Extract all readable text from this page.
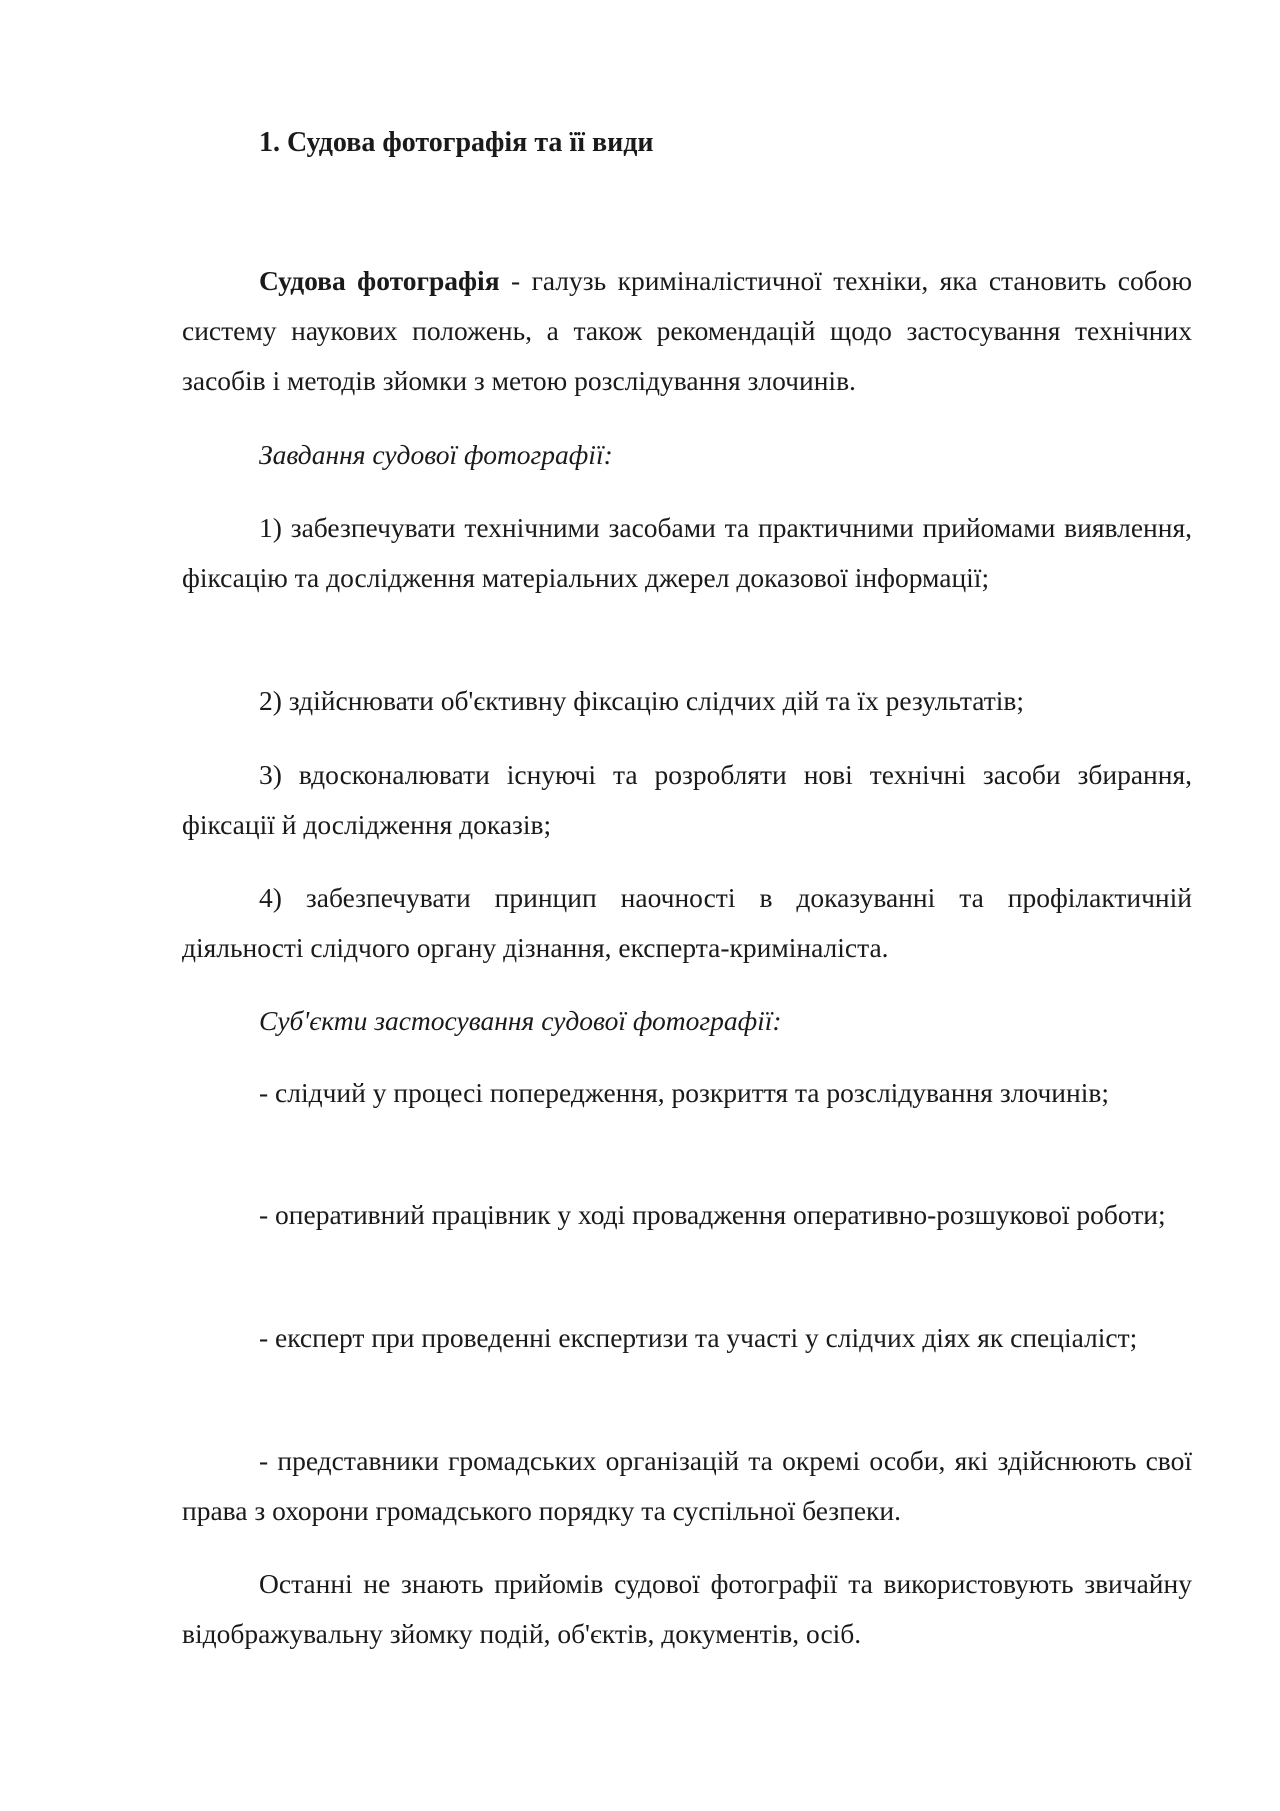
1. Судова фотографія та її види

Судова фотографія - галузь криміналістичної техніки, яка становить собою систему наукових положень, а також рекомендацій щодо застосування технічних засобів і методів зйомки з метою розслідування злочинів.

Завдання судової фотографії:

1) забезпечувати технічними засобами та практичними прийомами виявлення, фіксацію та дослідження матеріальних джерел доказової інформації;

2) здійснювати об'єктивну фіксацію слідчих дій та їх результатів;

3) вдосконалювати існуючі та розробляти нові технічні засоби збирання, фіксації й дослідження доказів;

4) забезпечувати принцип наочності в доказуванні та профілактичній діяльності слідчого органу дізнання, експерта-криміналіста.

Суб'єкти застосування судової фотографії:

- слідчий у процесі попередження, розкриття та розслідування злочинів;

- оперативний працівник у ході провадження оперативно-розшукової роботи;

- експерт при проведенні експертизи та участі у слідчих діях як спеціаліст;

- представники громадських організацій та окремі особи, які здійснюють свої права з охорони громадського порядку та суспільної безпеки.

Останні не знають прийомів судової фотографії та використовують звичайну відображувальну зйомку подій, об'єктів, документів, осіб.
